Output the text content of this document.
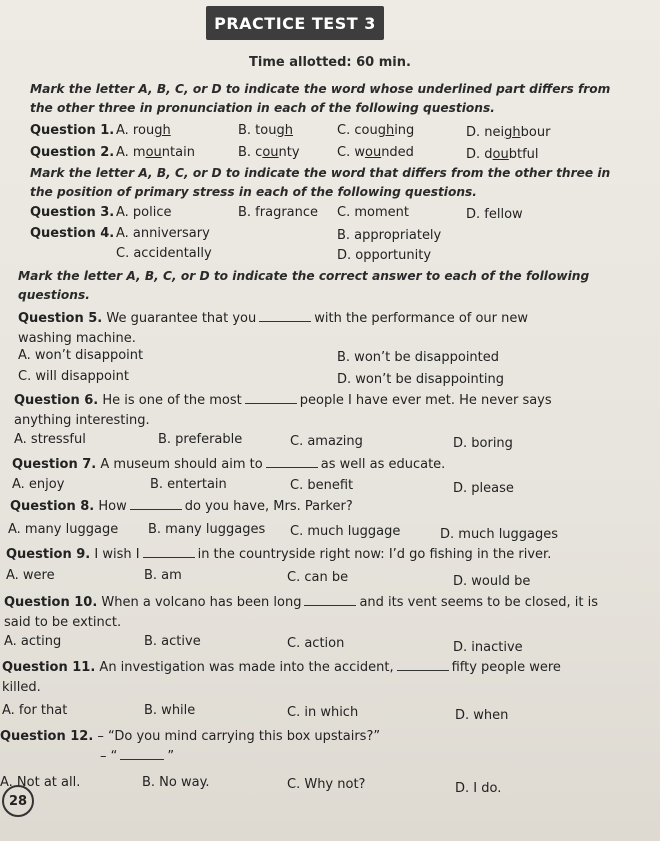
PRACTICE TEST 3
Time allotted: 60 min.
Mark the letter A, B, C, or D to indicate the word whose underlined part differs from the other three in pronunciation in each of the following questions.
Question 1. A. rough	B. tough	C. coughing	D. neighbour
Question 2. A. mountain	B. county	C. wounded	D. doubtful
Mark the letter A, B, C, or D to indicate the word that differs from the other three in the position of primary stress in each of the following questions.
Question 3. A. police	B. fragrance C. moment	D. fellow
Question 4. A. anniversary	B. appropriately
C. accidentally	D. opportunity
Mark the letter A, B, C, or D to indicate the correct answer to each of the following questions.
Question 5. We guarantee that you	with the performance of our new washing machine.
A. won’t disappoint	B. won’t be disappointed
C. will disappoint	D. won’t be disappointing
Question 6. He is one of the most	people I have ever met. He never says anything interesting.
A. stressful	B. preferable	C. amazing	D. boring
Question 7. A museum should aim to	as well as educate.
A. enjoy	B. entertain	C. benefit	D. please
Question 8. How	do you have, Mrs. Parker?
A. many luggage B. many luggages C. much luggage	D. much luggages
Question 9. I wish I	in the countryside right now: I’d go fishing in the river.
A. were	B. am	C. can be	D. would be
Question 10. When a volcano has been long	and its vent seems to be closed, it is said to be extinct.
A. acting	B. active	C. action	D. inactive
Question 11. An investigation was made into the accident,	fifty people were killed.
A. for that	B. while	C. in which	D. when
Question 12. – “Do you mind carrying this box upstairs?”
– “	”
A. Not at all.	B. No way.	C. Why not?	D. I do.
28
